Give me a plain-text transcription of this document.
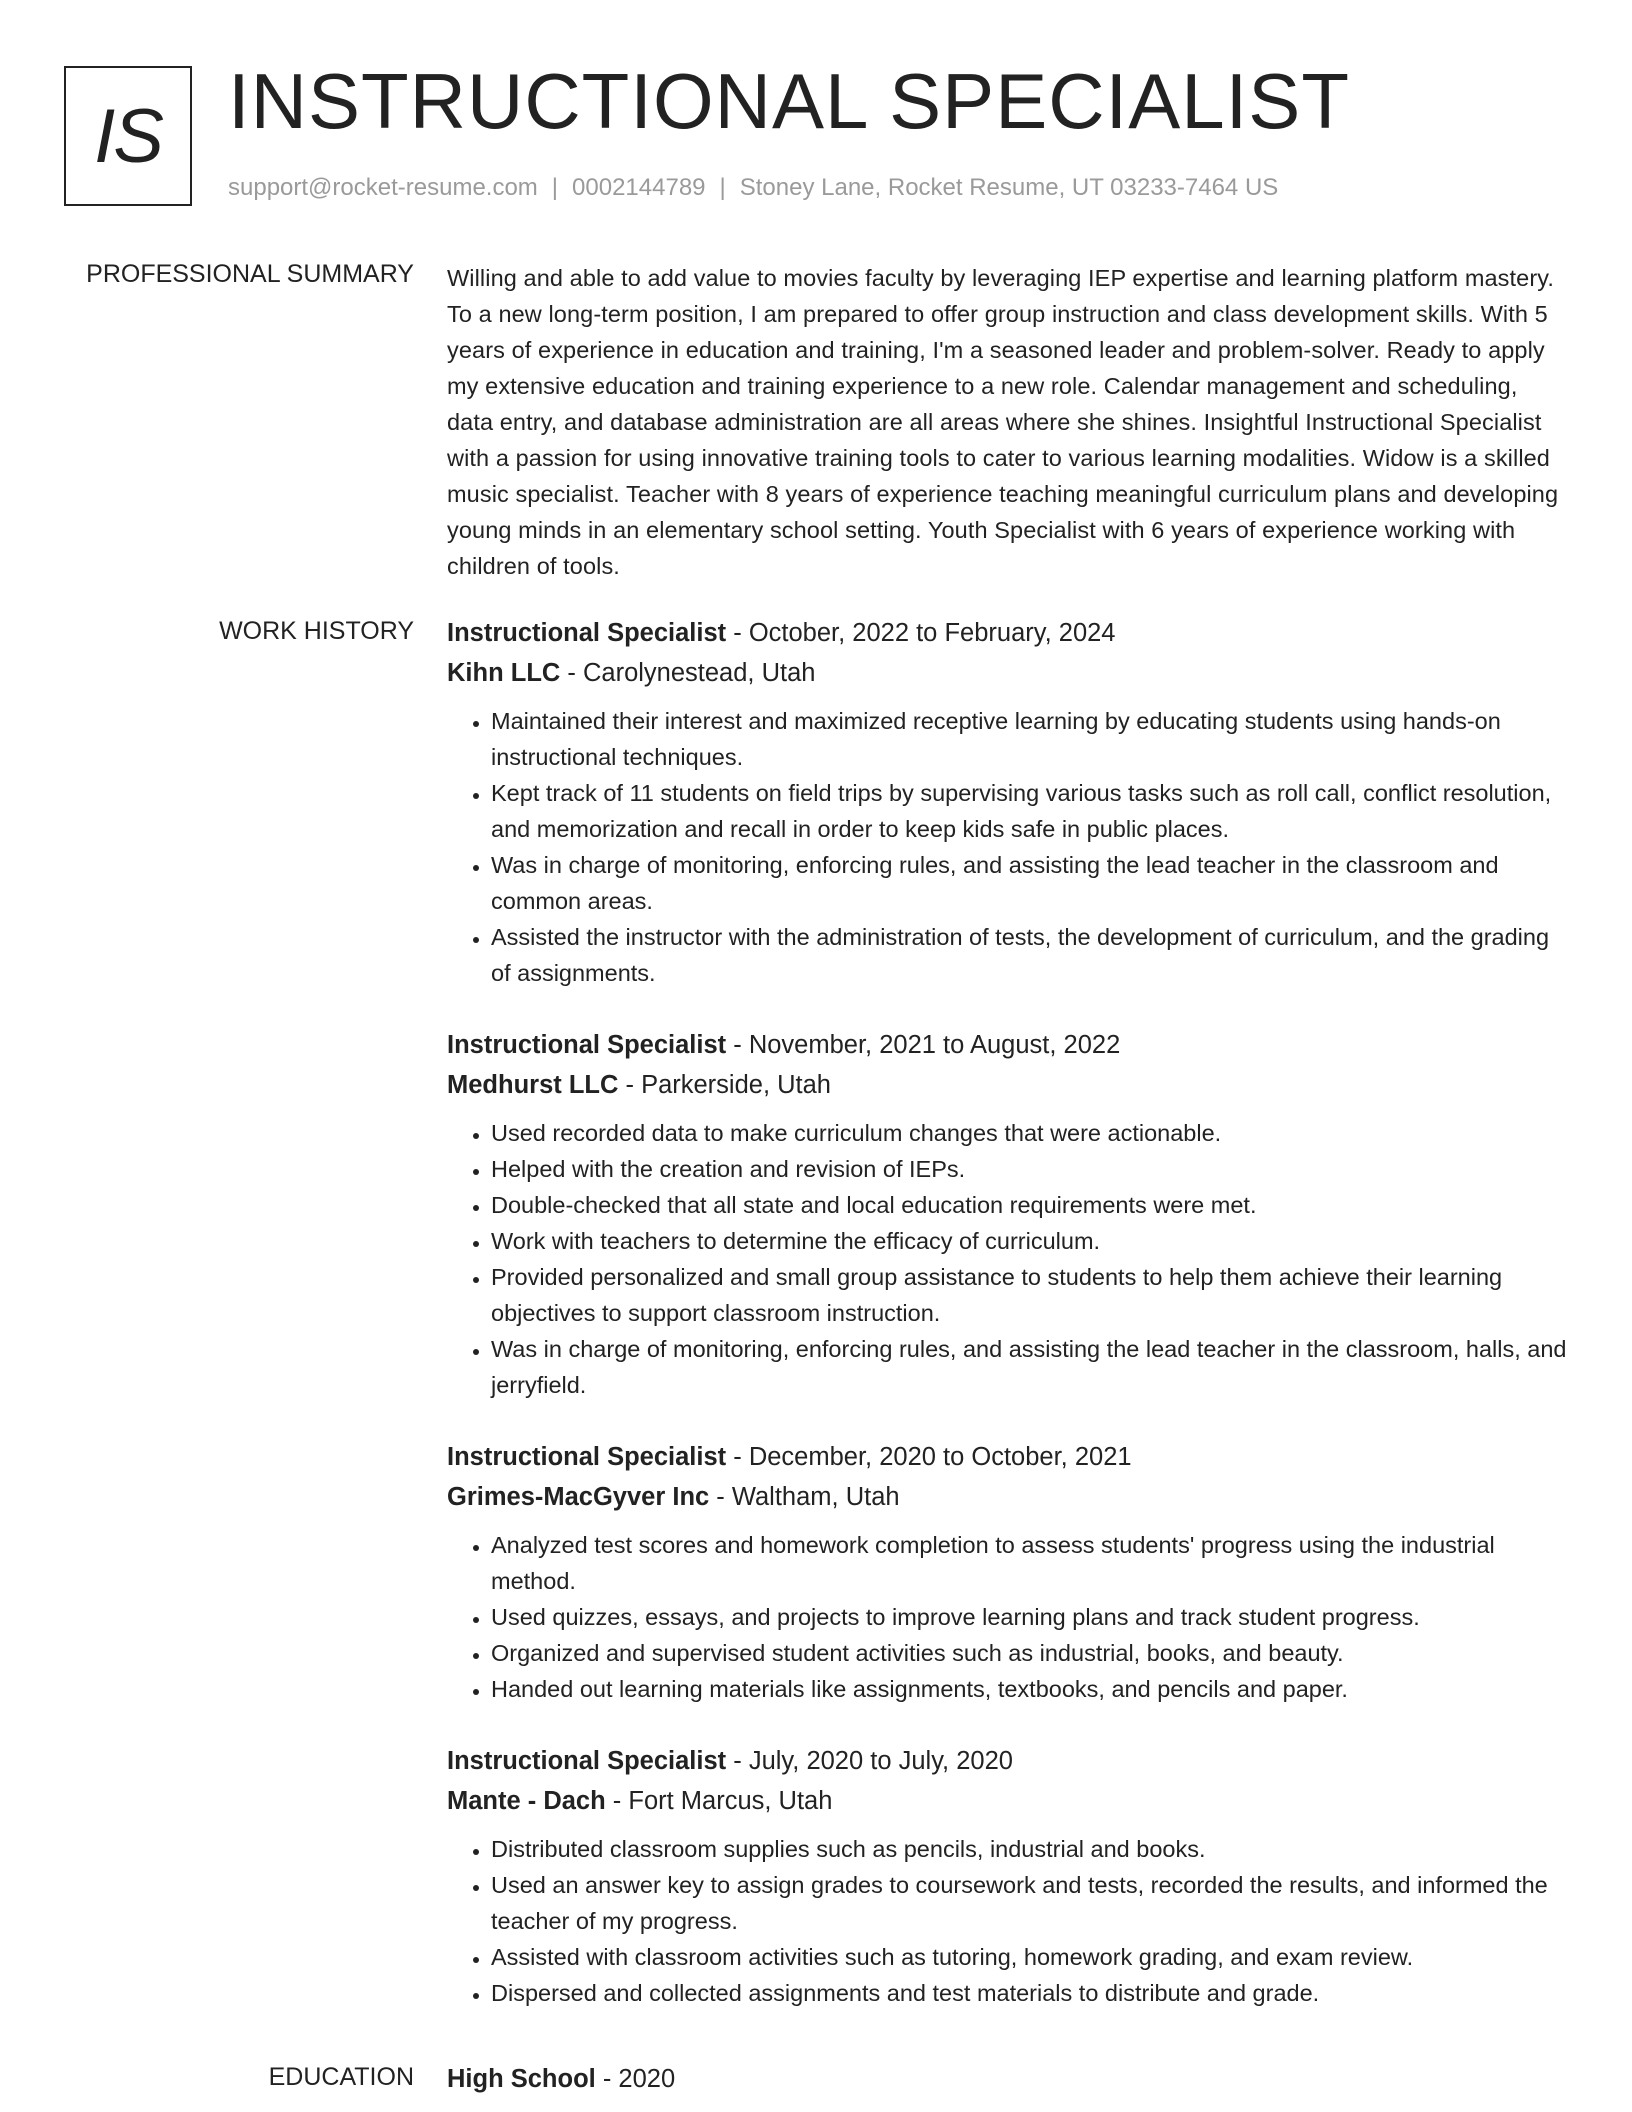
IS INSTRUCTIONAL SPECIALIST
support@rocket-resume.com | 0002144789 | Stoney Lane, Rocket Resume, UT 03233-7464 US
PROFESSIONAL SUMMARY Willing and able to add value to movies faculty by leveraging IEP expertise and learning platform mastery. To a new long-term position, I am prepared to offer group instruction and class development skills. With 5 years of experience in education and training, I'm a seasoned leader and problem-solver. Ready to apply my extensive education and training experience to a new role. Calendar management and scheduling, data entry, and database administration are all areas where she shines. Insightful Instructional Specialist with a passion for using innovative training tools to cater to various learning modalities. Widow is a skilled music specialist. Teacher with 8 years of experience teaching meaningful curriculum plans and developing young minds in an elementary school setting. Youth Specialist with 6 years of experience working with children of tools.

WORK HISTORY Instructional Specialist - October, 2022 to February, 2024
Kihn LLC - Carolynestead, Utah
• Maintained their interest and maximized receptive learning by educating students using hands-on instructional techniques.
• Kept track of 11 students on field trips by supervising various tasks such as roll call, conflict resolution, and memorization and recall in order to keep kids safe in public places.
• Was in charge of monitoring, enforcing rules, and assisting the lead teacher in the classroom and common areas.
• Assisted the instructor with the administration of tests, the development of curriculum, and the grading of assignments.
Instructional Specialist - November, 2021 to August, 2022
Medhurst LLC - Parkerside, Utah
• Used recorded data to make curriculum changes that were actionable.
• Helped with the creation and revision of IEPs.
• Double-checked that all state and local education requirements were met.
• Work with teachers to determine the efficacy of curriculum.
• Provided personalized and small group assistance to students to help them achieve their learning objectives to support classroom instruction.
• Was in charge of monitoring, enforcing rules, and assisting the lead teacher in the classroom, halls, and jerryfield.
Instructional Specialist - December, 2020 to October, 2021
Grimes-MacGyver Inc - Waltham, Utah
• Analyzed test scores and homework completion to assess students' progress using the industrial method.
• Used quizzes, essays, and projects to improve learning plans and track student progress.
• Organized and supervised student activities such as industrial, books, and beauty.
• Handed out learning materials like assignments, textbooks, and pencils and paper.
Instructional Specialist - July, 2020 to July, 2020
Mante - Dach - Fort Marcus, Utah
• Distributed classroom supplies such as pencils, industrial and books.
• Used an answer key to assign grades to coursework and tests, recorded the results, and informed the teacher of my progress.
• Assisted with classroom activities such as tutoring, homework grading, and exam review.
• Dispersed and collected assignments and test materials to distribute and grade.
EDUCATION High School - 2020
